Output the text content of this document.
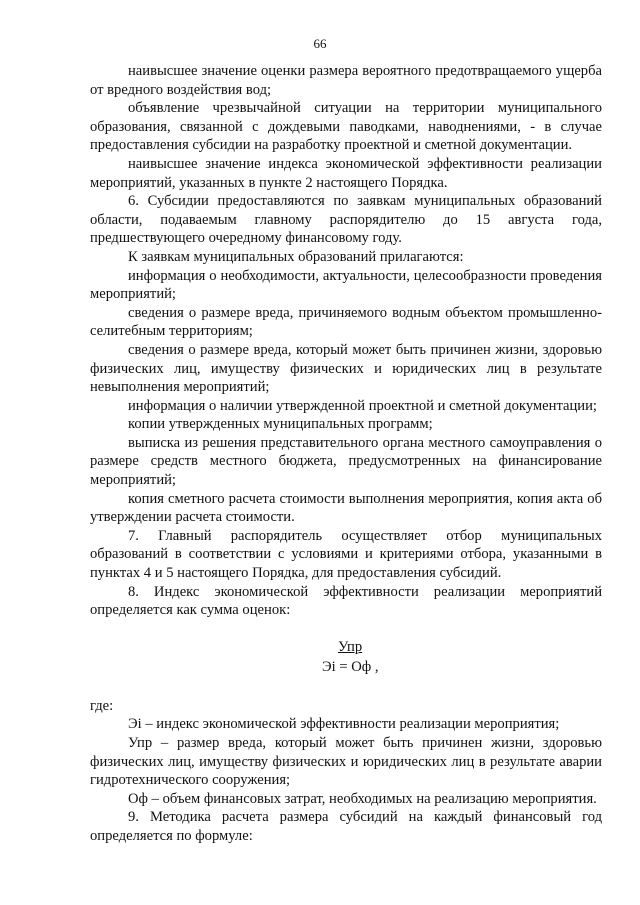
66

наивысшее значение оценки размера вероятного предотвращаемого ущерба от вредного воздействия вод;

объявление чрезвычайной ситуации на территории муниципального образования, связанной с дождевыми паводками, наводнениями, - в случае предоставления субсидии на разработку проектной и сметной документации.

наивысшее значение индекса экономической эффективности реализации мероприятий, указанных в пункте 2 настоящего Порядка.

6. Субсидии предоставляются по заявкам муниципальных образований области, подаваемым главному распорядителю до 15 августа года, предшествующего очередному финансовому году.

К заявкам муниципальных образований прилагаются:

информация о необходимости, актуальности, целесообразности проведения мероприятий;

сведения о размере вреда, причиняемого водным объектом промышленно-селитебным территориям;

сведения о размере вреда, который может быть причинен жизни, здоровью физических лиц, имуществу физических и юридических лиц в результате невыполнения мероприятий;

информация о наличии утвержденной проектной и сметной документации;

копии утвержденных муниципальных программ;

выписка из решения представительного органа местного самоуправления о размере средств местного бюджета, предусмотренных на финансирование мероприятий;

копия сметного расчета стоимости выполнения мероприятия, копия акта об утверждении расчета стоимости.

7. Главный распорядитель осуществляет отбор муниципальных образований в соответствии с условиями и критериями отбора, указанными в пунктах 4 и 5 настоящего Порядка, для предоставления субсидий.

8. Индекс экономической эффективности реализации мероприятий определяется как сумма оценок:

Упр
Эi = Оф ,

где:

Эi – индекс экономической эффективности реализации мероприятия;

Упр – размер вреда, который может быть причинен жизни, здоровью физических лиц, имуществу физических и юридических лиц в результате аварии гидротехнического сооружения;

Оф – объем финансовых затрат, необходимых на реализацию мероприятия.

9. Методика расчета размера субсидий на каждый финансовый год определяется по формуле:
